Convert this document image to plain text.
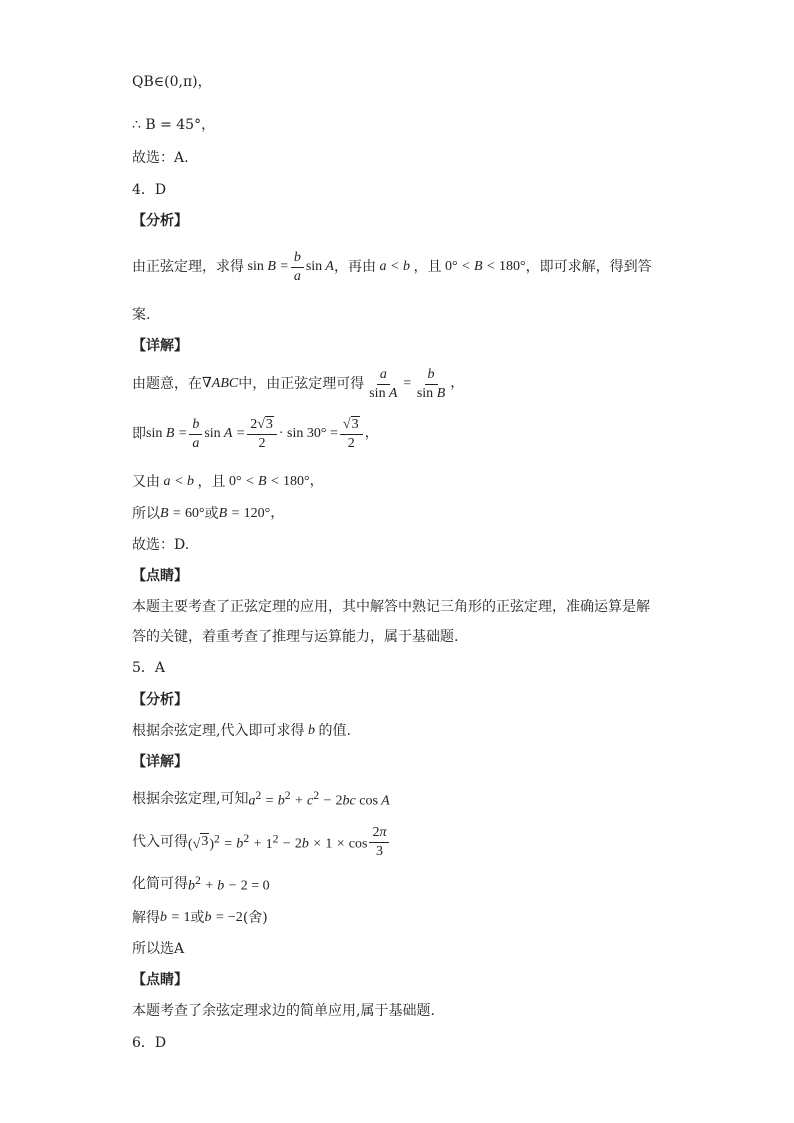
QB∈(0,π)，
∴ B = 45°，
故选：A.
4．D
【分析】
由正弦定理，求得 $\sin B = \frac{b}{a}$ sin A ，再由 a < b ，且 0° < B < 180° ，即可求解，得到答
案.
【详解】
由题意，在 ∇ABC 中，由正弦定理可得 $\frac{a}{\text{sin A}} = \frac{b}{\text{sin B}}$ ，
即 $\sin B = \frac{b}{a}$ $\sin A = \frac{2 √ 3}{2} \cdot \sin 30^\circ = \frac{√ 3}{2}$ ，
又由 a < b ，且 0° < B < 180°，
所以 B = 60° 或 B = 120°，
故选：D.
【点睛】
本题主要考查了正弦定理的应用，其中解答中熟记三角形的正弦定理，准确运算是解答的关键，着重考查了推理与运算能力，属于基础题.
5．A
【分析】
根据余弦定理,代入即可求得 b 的值.
【详解】
根据余弦定理,可知 $a^2 = b^2 + c^2 - 2bc$ cos A
代入可得 ( √ 3 )$^2 = b^2 + 1^2 - 2b \times 1 \times \cos \frac{2\pi}{3}$
化简可得 $b^2 + b - 2 = 0$
解得 b = 1 或 b = −2 (舍)
所以选A
【点睛】
本题考查了余弦定理求边的简单应用,属于基础题.
6．D
